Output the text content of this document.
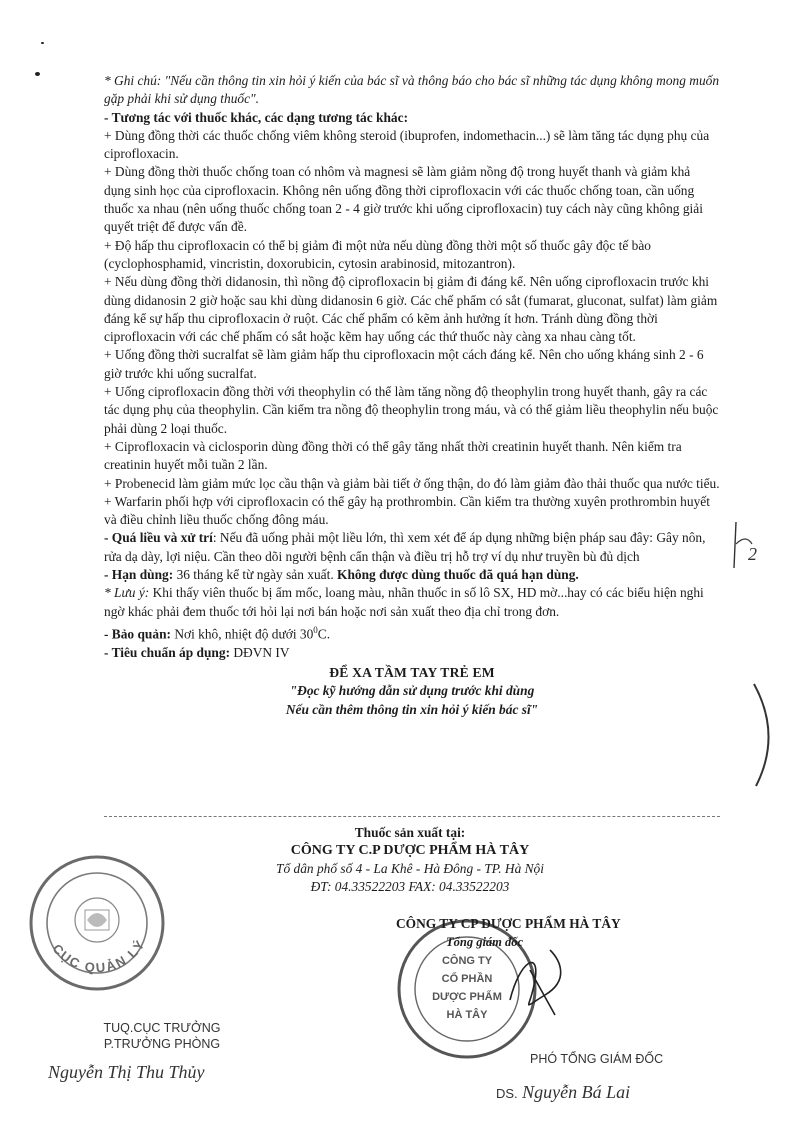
* Ghi chú: "Nếu cần thông tin xin hỏi ý kiến của bác sĩ và thông báo cho bác sĩ những tác dụng không mong muốn gặp phải khi sử dụng thuốc".

- Tương tác với thuốc khác, các dạng tương tác khác:

+ Dùng đồng thời các thuốc chống viêm không steroid (ibuprofen, indomethacin...) sẽ làm tăng tác dụng phụ của ciprofloxacin.

+ Dùng đồng thời thuốc chống toan có nhôm và magnesi sẽ làm giảm nồng độ trong huyết thanh và giảm khả dụng sinh học của ciprofloxacin. Không nên uống đồng thời ciprofloxacin với các thuốc chống toan, cần uống thuốc xa nhau (nên uống thuốc chống toan 2 - 4 giờ trước khi uống ciprofloxacin) tuy cách này cũng không giải quyết triệt để được vấn đề.

+ Độ hấp thu ciprofloxacin có thể bị giảm đi một nửa nếu dùng đồng thời một số thuốc gây độc tế bào (cyclophosphamid, vincristin, doxorubicin, cytosin arabinosid, mitozantron).

+ Nếu dùng đồng thời didanosin, thì nồng độ ciprofloxacin bị giảm đi đáng kể. Nên uống ciprofloxacin trước khi dùng didanosin 2 giờ hoặc sau khi dùng didanosin 6 giờ. Các chế phẩm có sắt (fumarat, gluconat, sulfat) làm giảm đáng kể sự hấp thu ciprofloxacin ở ruột. Các chế phẩm có kẽm ảnh hưởng ít hơn. Tránh dùng đồng thời ciprofloxacin với các chế phẩm có sắt hoặc kẽm hay uống các thứ thuốc này càng xa nhau càng tốt.

+ Uống đồng thời sucralfat sẽ làm giảm hấp thu ciprofloxacin một cách đáng kể. Nên cho uống kháng sinh 2 - 6 giờ trước khi uống sucralfat.

+ Uống ciprofloxacin đồng thời với theophylin có thể làm tăng nồng độ theophylin trong huyết thanh, gây ra các tác dụng phụ của theophylin. Cần kiểm tra nồng độ theophylin trong máu, và có thể giảm liều theophylin nếu buộc phải dùng 2 loại thuốc.

+ Ciprofloxacin và ciclosporin dùng đồng thời có thể gây tăng nhất thời creatinin huyết thanh. Nên kiểm tra creatinin huyết mỗi tuần 2 lần.

+ Probenecid làm giảm mức lọc cầu thận và giảm bài tiết ở ống thận, do đó làm giảm đào thải thuốc qua nước tiểu.

+ Warfarin phối hợp với ciprofloxacin có thể gây hạ prothrombin. Cần kiểm tra thường xuyên prothrombin huyết và điều chỉnh liều thuốc chống đông máu.

- Quá liều và xử trí: Nếu đã uống phải một liều lớn, thì xem xét để áp dụng những biện pháp sau đây: Gây nôn, rửa dạ dày, lợi niệu. Cần theo dõi người bệnh cẩn thận và điều trị hỗ trợ ví dụ như truyền bù đủ dịch

- Hạn dùng: 36 tháng kể từ ngày sản xuất. Không được dùng thuốc đã quá hạn dùng.

* Lưu ý: Khi thấy viên thuốc bị ẩm mốc, loang màu, nhãn thuốc in số lô SX, HD mờ...hay có các biểu hiện nghi ngờ khác phải đem thuốc tới hỏi lại nơi bán hoặc nơi sản xuất theo địa chỉ trong đơn.

- Bảo quản: Nơi khô, nhiệt độ dưới $30^0C$.

- Tiêu chuẩn áp dụng: DĐVN IV

ĐỂ XA TẦM TAY TRẺ EM
"Đọc kỹ hướng dẫn sử dụng trước khi dùng
Nếu cần thêm thông tin xin hỏi ý kiến bác sĩ"
Thuốc sản xuất tại:
CÔNG TY C.P DƯỢC PHẨM HÀ TÂY
Tổ dân phố số 4 - La Khê - Hà Đông - TP. Hà Nội
ĐT: 04.33522203 FAX: 04.33522203
CỤC QUẢN LÝ
CÔNG TY
CỔ PHẦN
DƯỢC PHẨM
HÀ TÂY
CÔNG TY CP DƯỢC PHẨM HÀ TÂY
Tổng giám đốc
TUQ.CỤC TRƯỞNG
P.TRƯỞNG PHÒNG
Nguyễn Thị Thu Thủy
PHÓ TỔNG GIÁM ĐỐC
DS. Nguyễn Bá Lai
2
